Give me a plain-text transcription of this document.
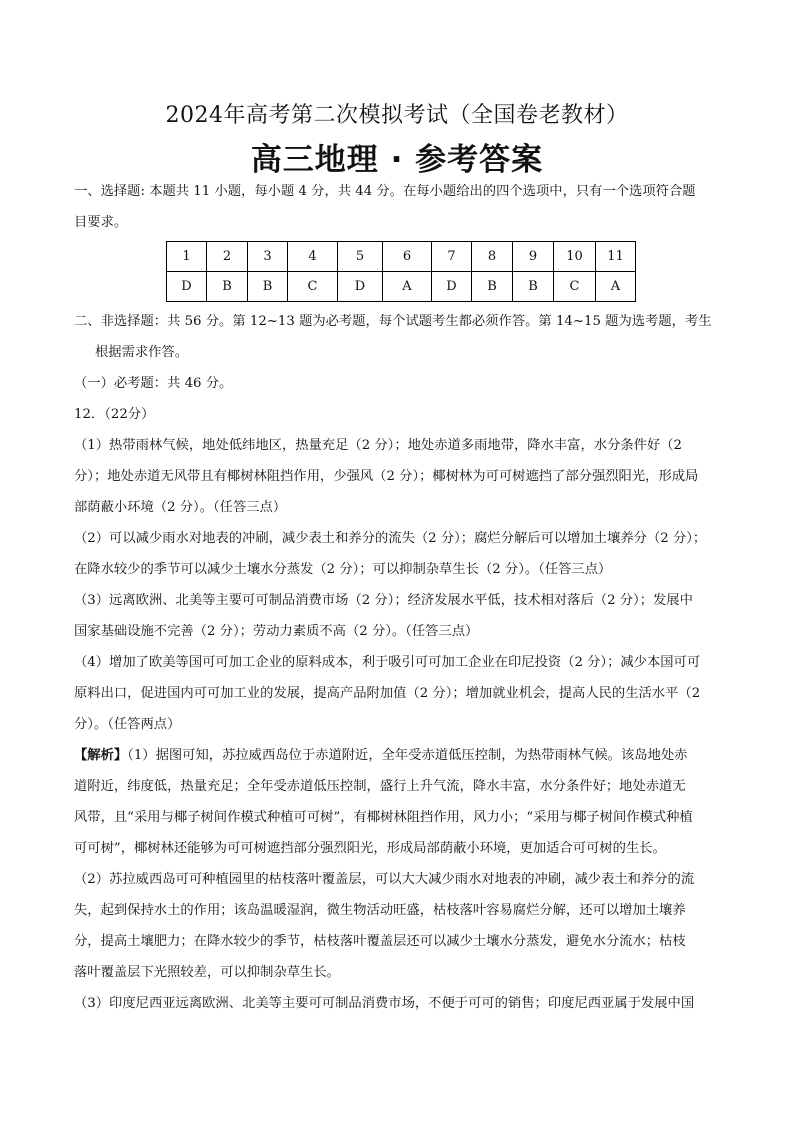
2024年高考第二次模拟考试（全国卷老教材）
高三地理 · 参考答案
一、选择题: 本题共 11 小题，每小题 4 分，共 44 分。在每小题给出的四个选项中，只有一个选项符合题
目要求。
1	2	3	4	5	6	7	8	9	10	11
D	B	B	C	D	A	D	B	B	C	A
二、非选择题：共 56 分。第 12~13 题为必考题，每个试题考生都必须作答。第 14~15 题为选考题，考生
根据需求作答。
（一）必考题：共 46 分。
12．（22分）
（1）热带雨林气候，地处低纬地区，热量充足（2 分）；地处赤道多雨地带，降水丰富，水分条件好（2
分）；地处赤道无风带且有椰树林阻挡作用，少强风（2 分）；椰树林为可可树遮挡了部分强烈阳光，形成局
部荫蔽小环境（2 分）。（任答三点）
（2）可以减少雨水对地表的冲刷，减少表土和养分的流失（2 分）；腐烂分解后可以增加土壤养分（2 分）；
在降水较少的季节可以减少土壤水分蒸发（2 分）；可以抑制杂草生长（2 分）。（任答三点）
（3）远离欧洲、北美等主要可可制品消费市场（2 分）；经济发展水平低，技术相对落后（2 分）；发展中
国家基础设施不完善（2 分）；劳动力素质不高（2 分）。（任答三点）
（4）增加了欧美等国可可加工企业的原料成本，利于吸引可可加工企业在印尼投资（2 分）；减少本国可可
原料出口，促进国内可可加工业的发展，提高产品附加值（2 分）；增加就业机会，提高人民的生活水平（2
分）。（任答两点）
【解析】（1）据图可知，苏拉威西岛位于赤道附近，全年受赤道低压控制，为热带雨林气候。该岛地处赤
道附近，纬度低，热量充足；全年受赤道低压控制，盛行上升气流，降水丰富，水分条件好；地处赤道无
风带，且“采用与椰子树间作模式种植可可树”，有椰树林阻挡作用，风力小；“采用与椰子树间作模式种植
可可树”，椰树林还能够为可可树遮挡部分强烈阳光，形成局部荫蔽小环境，更加适合可可树的生长。
（2）苏拉威西岛可可种植园里的枯枝落叶覆盖层，可以大大减少雨水对地表的冲刷，减少表土和养分的流
失，起到保持水土的作用；该岛温暖湿润，微生物活动旺盛，枯枝落叶容易腐烂分解，还可以增加土壤养
分，提高土壤肥力；在降水较少的季节，枯枝落叶覆盖层还可以减少土壤水分蒸发，避免水分流水；枯枝
落叶覆盖层下光照较差，可以抑制杂草生长。
（3）印度尼西亚远离欧洲、北美等主要可可制品消费市场，不便于可可的销售；印度尼西亚属于发展中国
